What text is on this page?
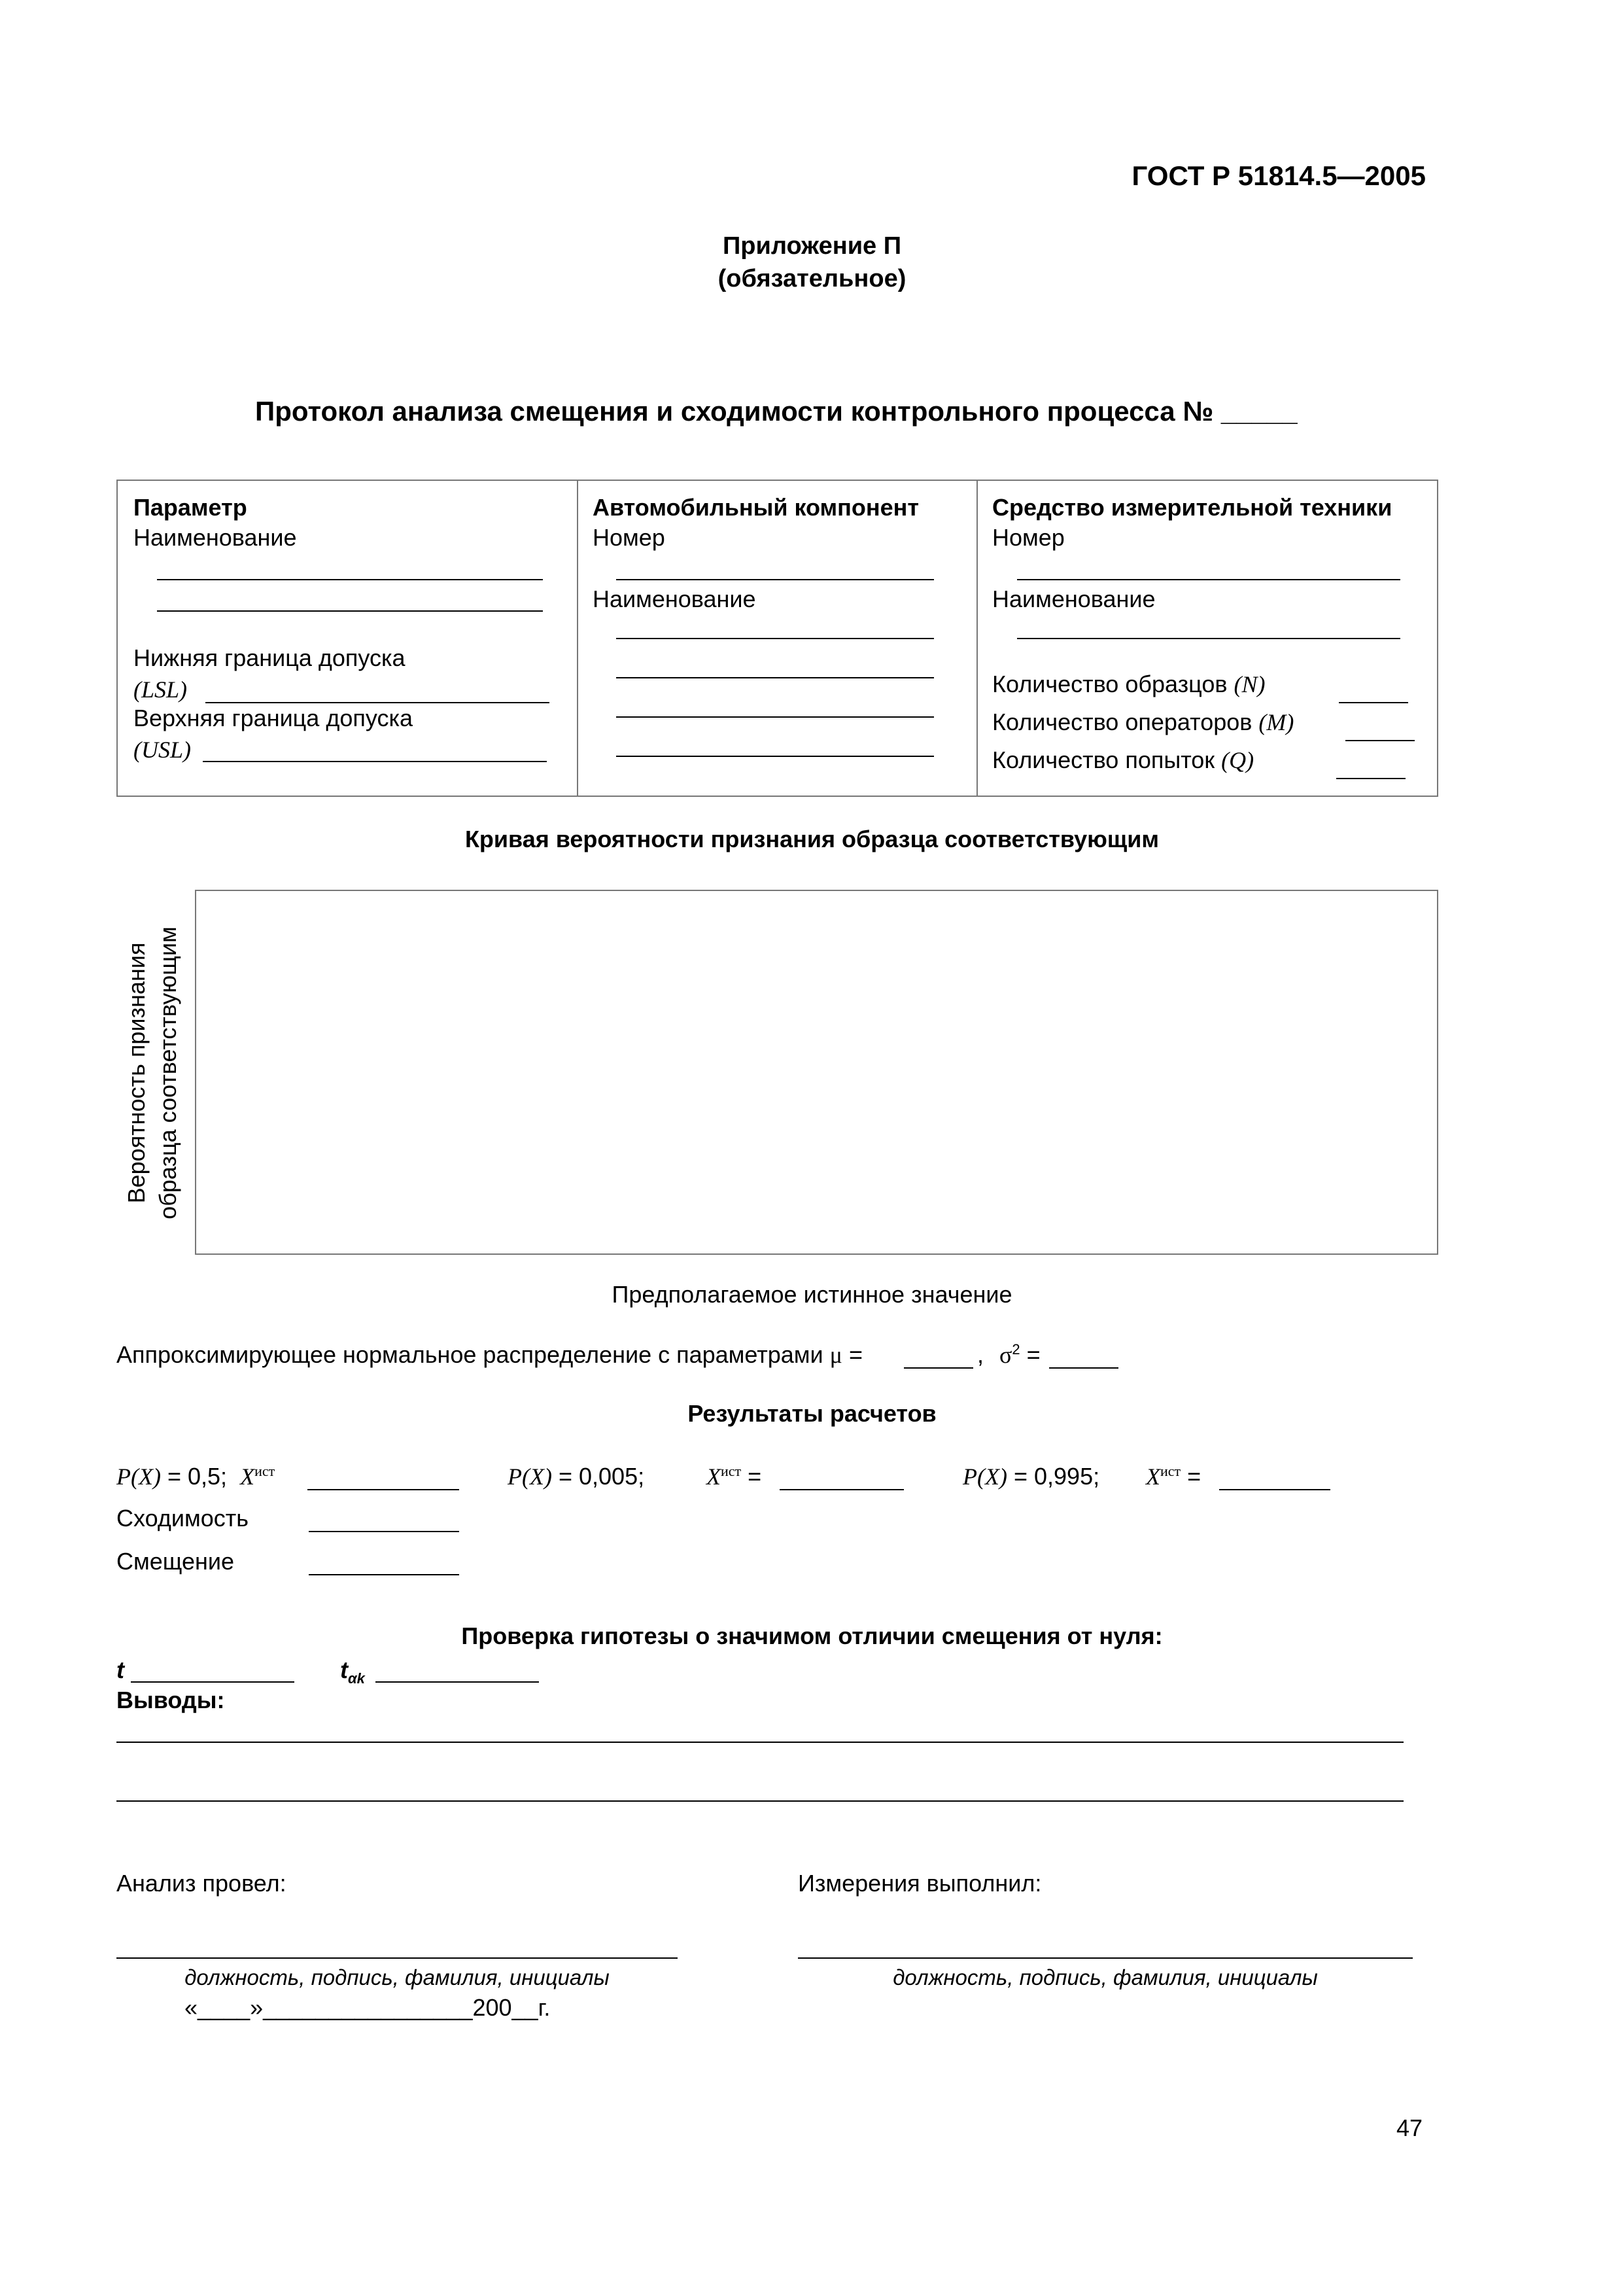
ГОСТ Р 51814.5—2005
Приложение П
(обязательное)
Протокол анализа смещения и сходимости контрольного процесса № _____
Параметр
Наименование
Нижняя граница допуска
(LSL)
Верхняя граница допуска
(USL)
Автомобильный компонент
Номер
Наименование
Средство измерительной техники
Номер
Наименование
Количество образцов (N)
Количество операторов (M)
Количество попыток (Q)
Кривая вероятности признания образца соответствующим
Вероятность признания образца соответствующим
Предполагаемое истинное значение
Аппроксимирующее нормальное распределение с параметрами μ =	, $\sigma^2$ =
Результаты расчетов
P(X) = 0,5; $X^{ист}$	P(X) = 0,005;	$X^{ист}$ =	P(X) = 0,995; $X^{ист}$ =
Сходимость
Смещение
Проверка гипотезы о значимом отличии смещения от нуля:
t	$t_{\alpha k}$
Выводы:
Анализ провел:	Измерения выполнил:
должность, подпись, фамилия, инициалы	должность, подпись, фамилия, инициалы
«____»________________200__г.
47
